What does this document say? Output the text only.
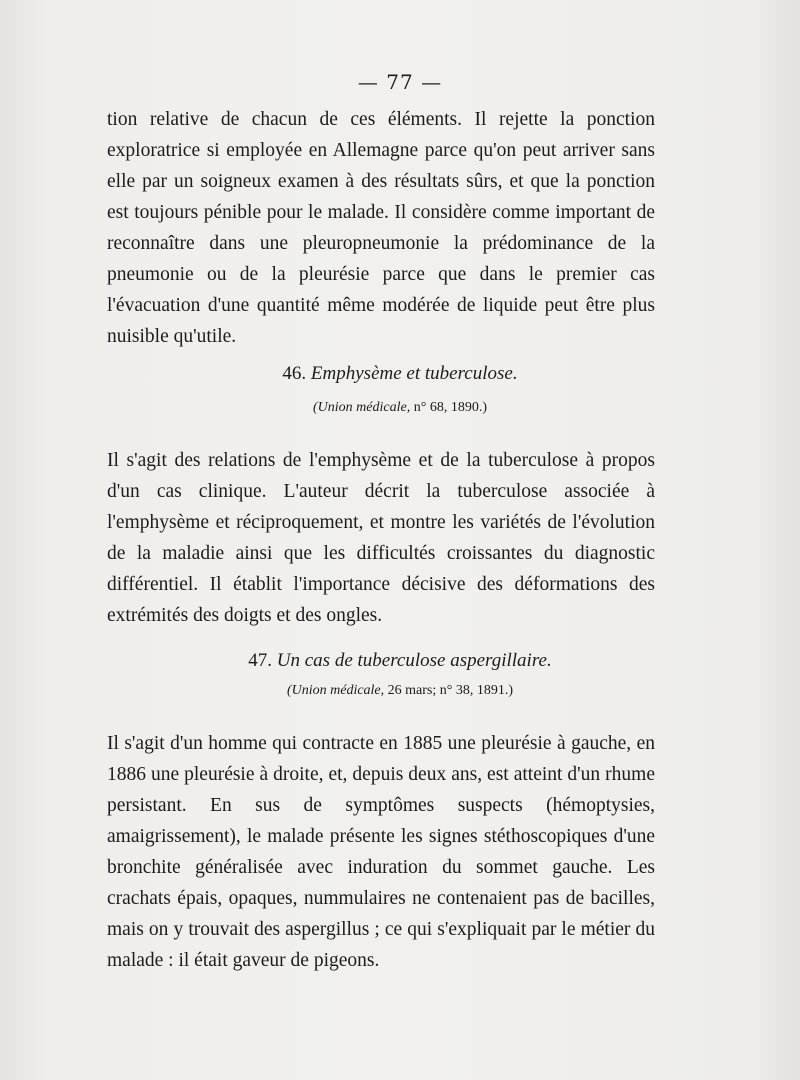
— 77 —

tion relative de chacun de ces éléments. Il rejette la ponction exploratrice si employée en Allemagne parce qu'on peut arriver sans elle par un soigneux examen à des résultats sûrs, et que la ponction est toujours pénible pour le malade. Il considère comme important de reconnaître dans une pleuropneumonie la prédominance de la pneumonie ou de la pleurésie parce que dans le premier cas l'évacuation d'une quantité même modérée de liquide peut être plus nuisible qu'utile.

46. Emphysème et tuberculose.
(Union médicale, n° 68, 1890.)

Il s'agit des relations de l'emphysème et de la tuberculose à propos d'un cas clinique. L'auteur décrit la tuberculose associée à l'emphysème et réciproquement, et montre les variétés de l'évolution de la maladie ainsi que les difficultés croissantes du diagnostic différentiel. Il établit l'importance décisive des déformations des extrémités des doigts et des ongles.

47. Un cas de tuberculose aspergillaire.
(Union médicale, 26 mars; n° 38, 1891.)

Il s'agit d'un homme qui contracte en 1885 une pleurésie à gauche, en 1886 une pleurésie à droite, et, depuis deux ans, est atteint d'un rhume persistant. En sus de symptômes suspects (hémoptysies, amaigrissement), le malade présente les signes stéthoscopiques d'une bronchite généralisée avec induration du sommet gauche. Les crachats épais, opaques, nummulaires ne contenaient pas de bacilles, mais on y trouvait des aspergillus ; ce qui s'expliquait par le métier du malade : il était gaveur de pigeons.
